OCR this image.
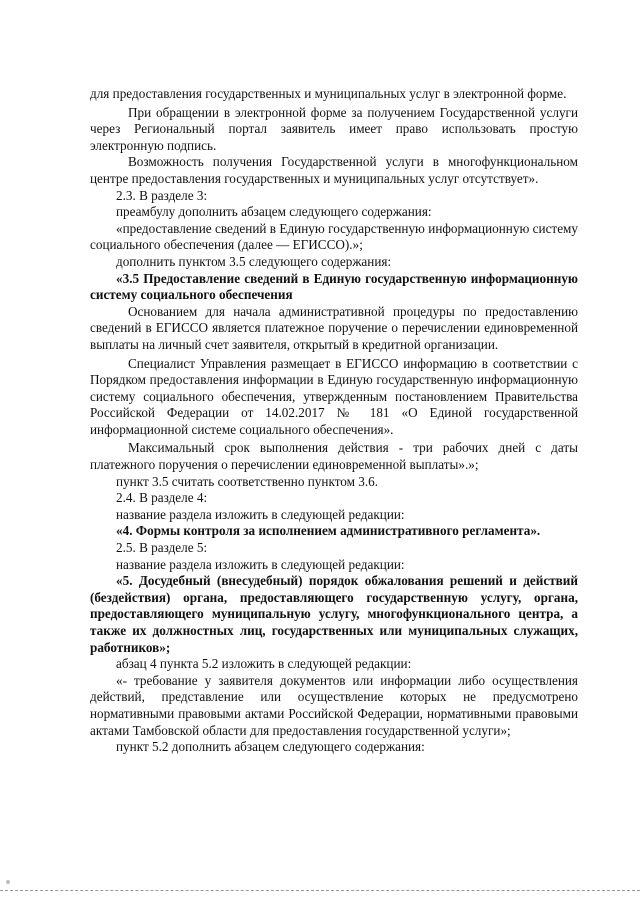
для предоставления государственных и муниципальных услуг в электронной форме.

При обращении в электронной форме за получением Государственной услуги через Региональный портал заявитель имеет право использовать простую электронную подпись.

Возможность получения Государственной услуги в многофункциональном центре предоставления государственных и муниципальных услуг отсутствует».

2.3. В разделе 3:

преамбулу дополнить абзацем следующего содержания:

«предоставление сведений в Единую государственную информационную систему социального обеспечения (далее — ЕГИССО).»;

дополнить пунктом 3.5 следующего содержания:

«3.5 Предоставление сведений в Единую государственную информационную систему социального обеспечения

Основанием для начала административной процедуры по предоставлению сведений в ЕГИССО является платежное поручение о перечислении единовременной выплаты на личный счет заявителя, открытый в кредитной организации.

Специалист Управления размещает в ЕГИССО информацию в соответствии с Порядком предоставления информации в Единую государственную информационную систему социального обеспечения, утвержденным постановлением Правительства Российской Федерации от 14.02.2017 № 181 «О Единой государственной информационной системе социального обеспечения».

Максимальный срок выполнения действия - три рабочих дней с даты платежного поручения о перечислении единовременной выплаты».»;

пункт 3.5 считать соответственно пунктом 3.6.

2.4. В разделе 4:

название раздела изложить в следующей редакции:

«4. Формы контроля за исполнением административного регламента».

2.5. В разделе 5:

название раздела изложить в следующей редакции:

«5. Досудебный (внесудебный) порядок обжалования решений и действий (бездействия) органа, предоставляющего государственную услугу, органа, предоставляющего муниципальную услугу, многофункционального центра, а также их должностных лиц, государственных или муниципальных служащих, работников»;

абзац 4 пункта 5.2 изложить в следующей редакции:

«- требование у заявителя документов или информации либо осуществления действий, представление или осуществление которых не предусмотрено нормативными правовыми актами Российской Федерации, нормативными правовыми актами Тамбовской области для предоставления государственной услуги»;

пункт 5.2 дополнить абзацем следующего содержания:
